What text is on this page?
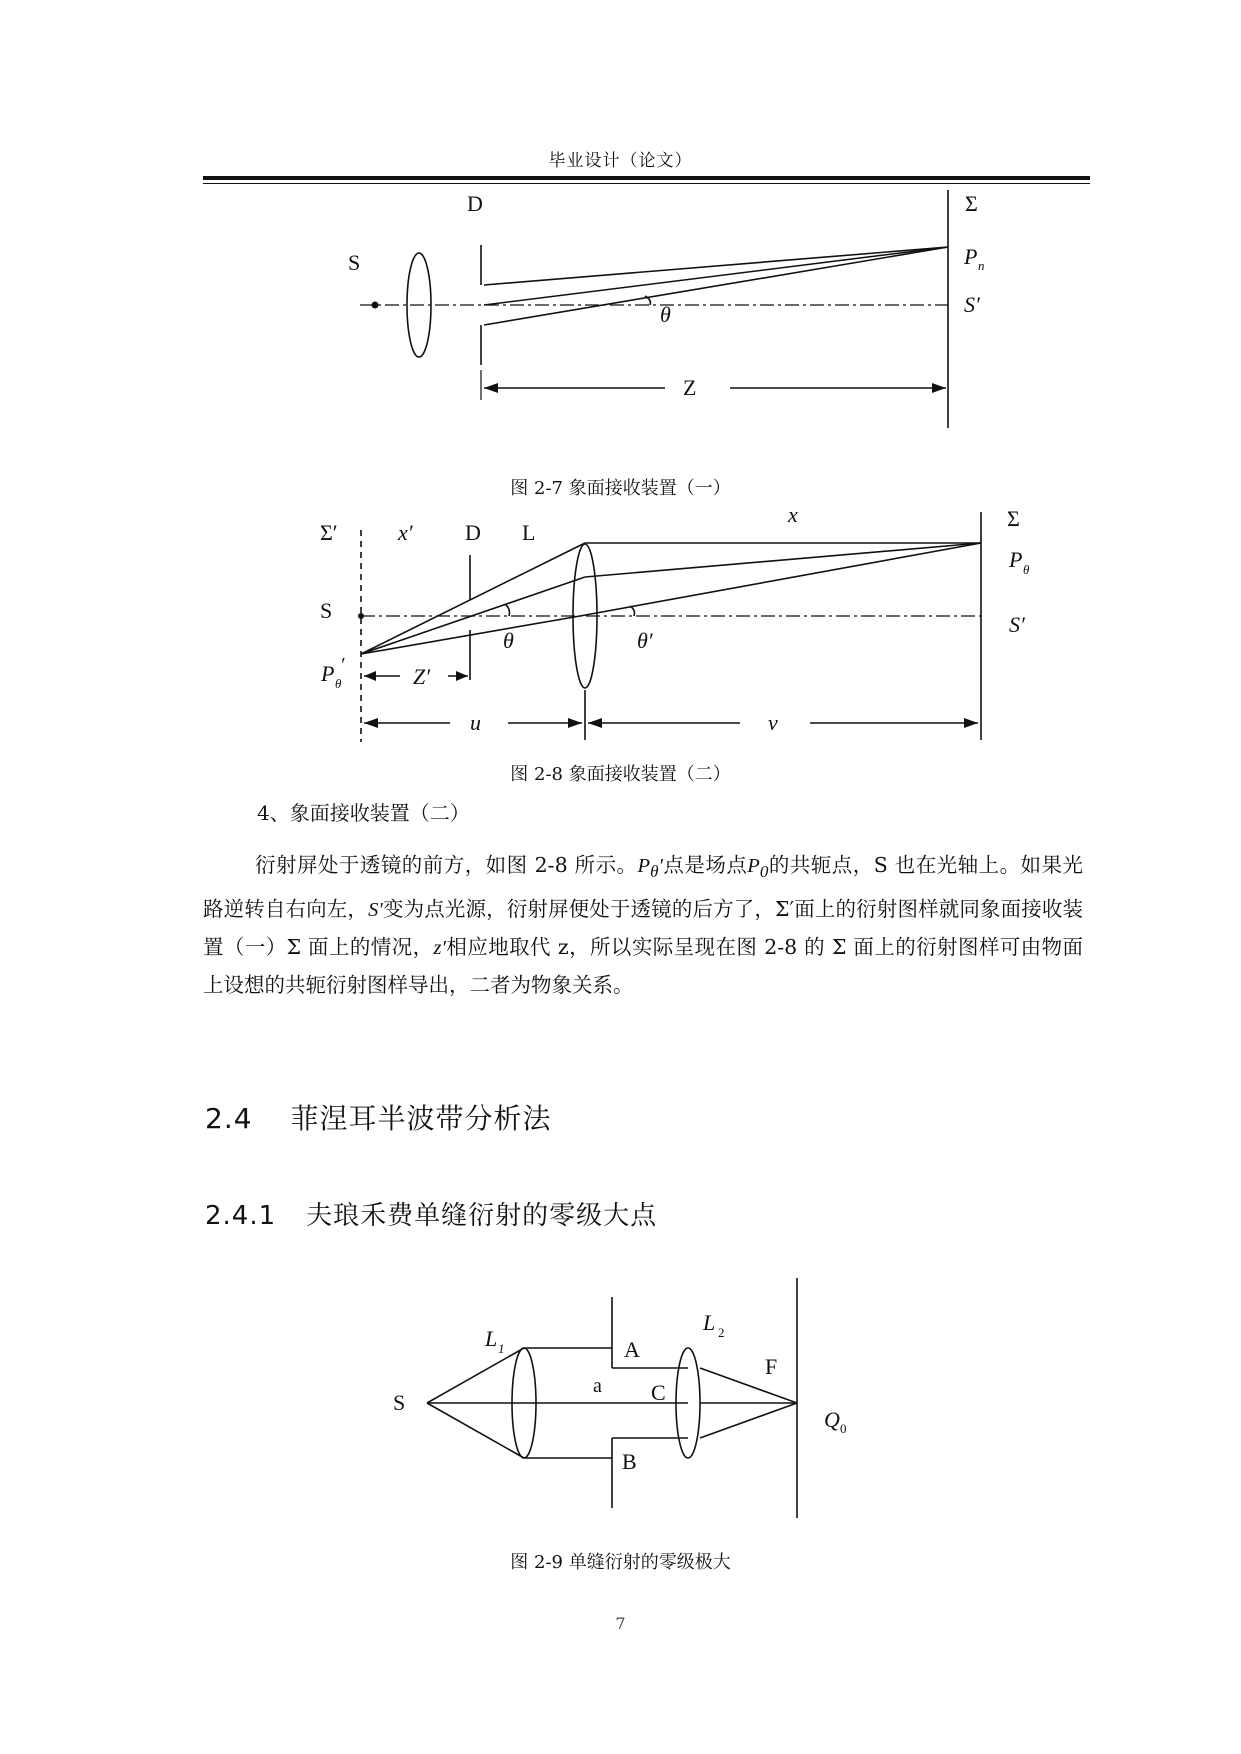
毕业设计（论文）
D	Σ
S	P n
S′
θ
Z
图 2-7 象面接收装置（一）
Σ′	x′ D L
x	Σ
P θ
S
S′
θ	θ′
P θ
′	Z′
u	v
图 2-8 象面接收装置（二）
4、象面接收装置（二）
衍射屏处于透镜的前方，如图 2-8 所示。$P_\theta'$点是场点$P_0$的共轭点，S 也在光轴上。如果光路逆转自右向左，S′变为点光源，衍射屏便处于透镜的后方了，Σ′面上的衍射图样就同象面接收装置（一）Σ 面上的情况，z′相应地取代 z，所以实际呈现在图 2-8 的 Σ 面上的衍射图样可由物面上设想的共轭衍射图样导出，二者为物象关系。
2.4 菲涅耳半波带分析法
2.4.1 夫琅禾费单缝衍射的零级大点
L 1
L 2
A
a C
B
F
S
Q 0
图 2-9 单缝衍射的零级极大
7
